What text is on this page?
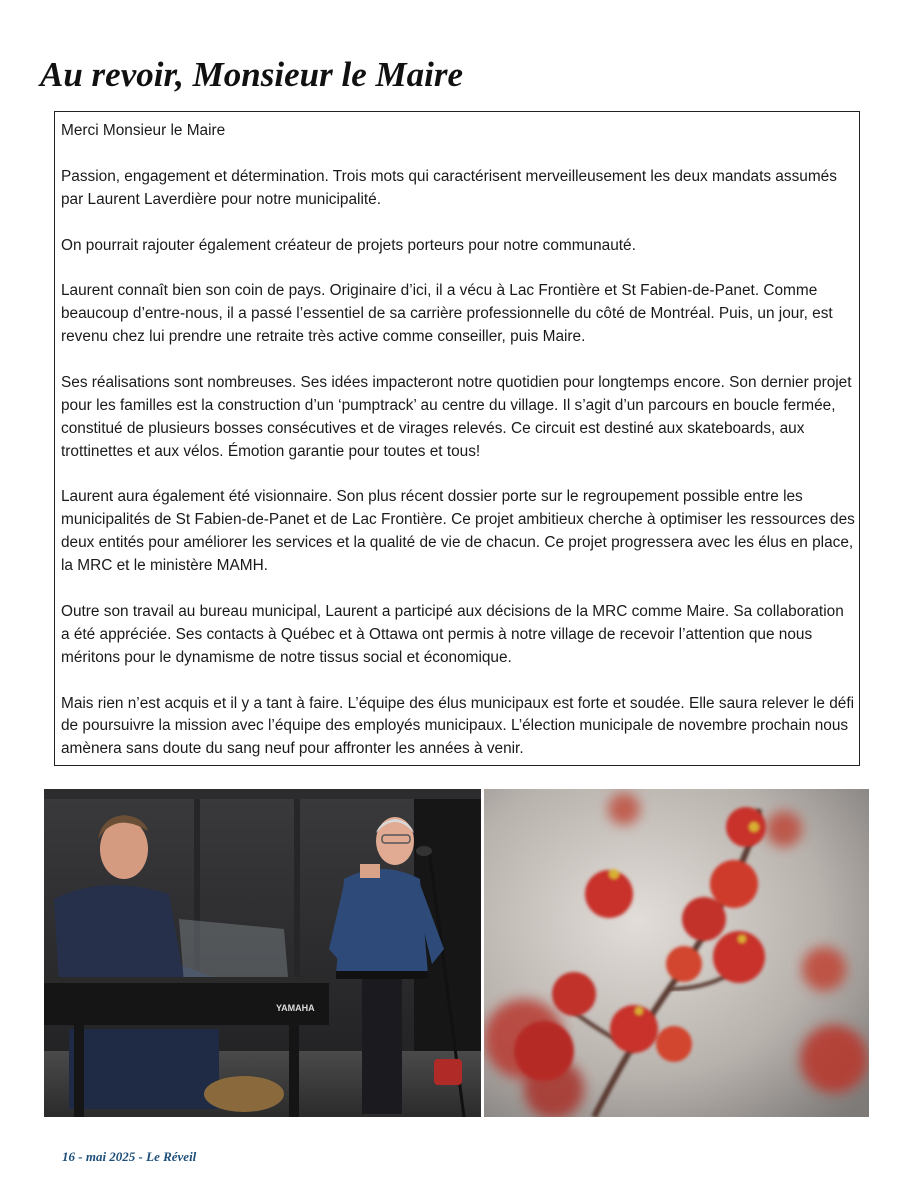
Au revoir, Monsieur le Maire

Merci Monsieur le Maire

Passion, engagement et détermination. Trois mots qui caractérisent merveilleusement les deux mandats assumés par Laurent Laverdière pour notre municipalité.

On pourrait rajouter également créateur de projets porteurs pour notre communauté.

Laurent connaît bien son coin de pays. Originaire d’ici, il a vécu à Lac Frontière et St Fabien-de-Panet. Comme beaucoup d’entre-nous, il a passé l’essentiel de sa carrière professionnelle du côté de Montréal. Puis, un jour, est revenu chez lui prendre une retraite très active comme conseiller, puis Maire.

Ses réalisations sont nombreuses. Ses idées impacteront notre quotidien pour longtemps encore. Son dernier projet pour les familles est la construction d’un ‘pumptrack’ au centre du village. Il s’agit d’un parcours en boucle fermée, constitué de plusieurs bosses consécutives et de virages relevés. Ce circuit est destiné aux skateboards, aux trottinettes et aux vélos. Émotion garantie pour toutes et tous!

Laurent aura également été visionnaire. Son plus récent dossier porte sur le regroupement possible entre les municipalités de St Fabien-de-Panet et de Lac Frontière. Ce projet ambitieux cherche à optimiser les ressources des deux entités pour améliorer les services et la qualité de vie de chacun. Ce projet progressera avec les élus en place, la MRC et le ministère MAMH.

Outre son travail au bureau municipal, Laurent a participé aux décisions de la MRC comme Maire. Sa collaboration a été appréciée. Ses contacts à Québec et à Ottawa ont permis à notre village de recevoir l’attention que nous méritons pour le dynamisme de notre tissus social et économique.

Mais rien n’est acquis et il y a tant à faire. L’équipe des élus municipaux est forte et soudée. Elle saura relever le défi de poursuivre la mission avec l’équipe des employés municipaux. L’élection municipale de novembre prochain nous amènera sans doute du sang neuf pour affronter les années à venir.

YAMAHA
16 - mai 2025 - Le Réveil
